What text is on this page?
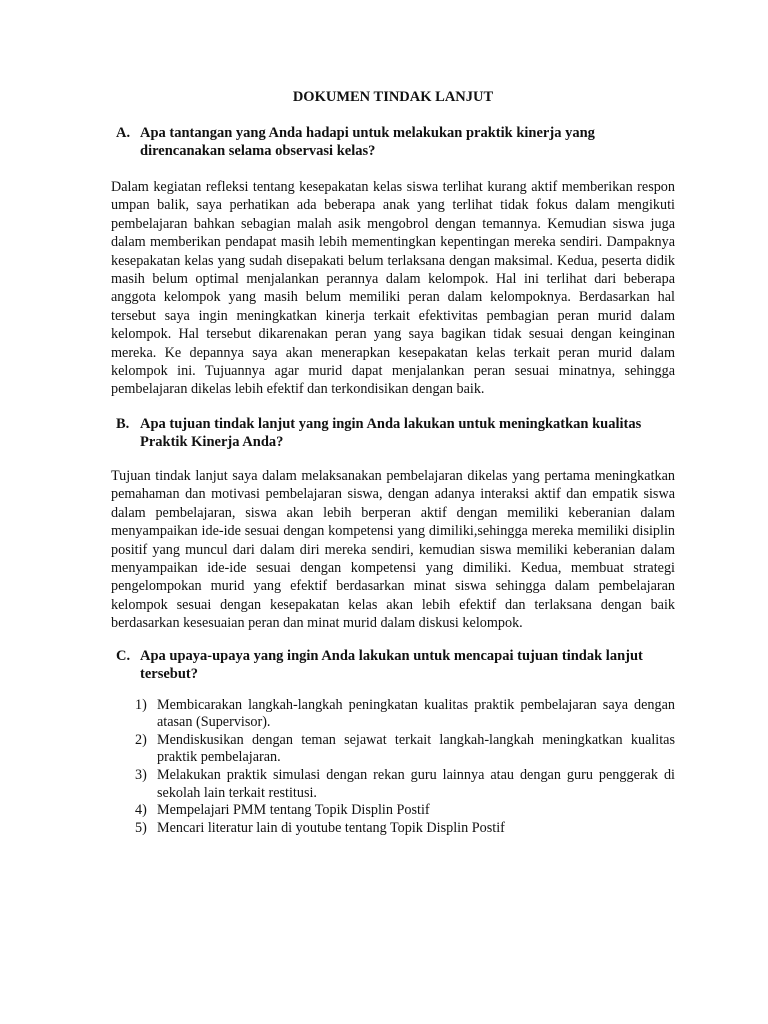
DOKUMEN TINDAK LANJUT
A. Apa tantangan yang Anda hadapi untuk melakukan praktik kinerja yang direncanakan selama observasi kelas?

Dalam kegiatan refleksi tentang kesepakatan kelas siswa terlihat kurang aktif memberikan respon umpan balik, saya perhatikan ada beberapa anak yang terlihat tidak fokus dalam mengikuti pembelajaran bahkan sebagian malah asik mengobrol dengan temannya. Kemudian siswa juga dalam memberikan pendapat masih lebih mementingkan kepentingan mereka sendiri. Dampaknya kesepakatan kelas yang sudah disepakati belum terlaksana dengan maksimal. Kedua, peserta didik masih belum optimal menjalankan perannya dalam kelompok. Hal ini terlihat dari beberapa anggota kelompok yang masih belum memiliki peran dalam kelompoknya. Berdasarkan hal tersebut saya ingin meningkatkan kinerja terkait efektivitas pembagian peran murid dalam kelompok. Hal tersebut dikarenakan peran yang saya bagikan tidak sesuai dengan keinginan mereka. Ke depannya saya akan menerapkan kesepakatan kelas terkait peran murid dalam kelompok ini. Tujuannya agar murid dapat menjalankan peran sesuai minatnya, sehingga pembelajaran dikelas lebih efektif dan terkondisikan dengan baik.

B. Apa tujuan tindak lanjut yang ingin Anda lakukan untuk meningkatkan kualitas Praktik Kinerja Anda?

Tujuan tindak lanjut saya dalam melaksanakan pembelajaran dikelas yang pertama meningkatkan pemahaman dan motivasi pembelajaran siswa, dengan adanya interaksi aktif dan empatik siswa dalam pembelajaran, siswa akan lebih berperan aktif dengan memiliki keberanian dalam menyampaikan ide-ide sesuai dengan kompetensi yang dimiliki,sehingga mereka memiliki disiplin positif yang muncul dari dalam diri mereka sendiri, kemudian siswa memiliki keberanian dalam menyampaikan ide-ide sesuai dengan kompetensi yang dimiliki. Kedua, membuat strategi pengelompokan murid yang efektif berdasarkan minat siswa sehingga dalam pembelajaran kelompok sesuai dengan kesepakatan kelas akan lebih efektif dan terlaksana dengan baik berdasarkan kesesuaian peran dan minat murid dalam diskusi kelompok.

C. Apa upaya-upaya yang ingin Anda lakukan untuk mencapai tujuan tindak lanjut tersebut?
1) Membicarakan langkah-langkah peningkatan kualitas praktik pembelajaran saya dengan atasan (Supervisor).
2) Mendiskusikan dengan teman sejawat terkait langkah-langkah meningkatkan kualitas praktik pembelajaran.
3) Melakukan praktik simulasi dengan rekan guru lainnya atau dengan guru penggerak di sekolah lain terkait restitusi.
4) Mempelajari PMM tentang Topik Displin Postif
5) Mencari literatur lain di youtube tentang Topik Displin Postif
